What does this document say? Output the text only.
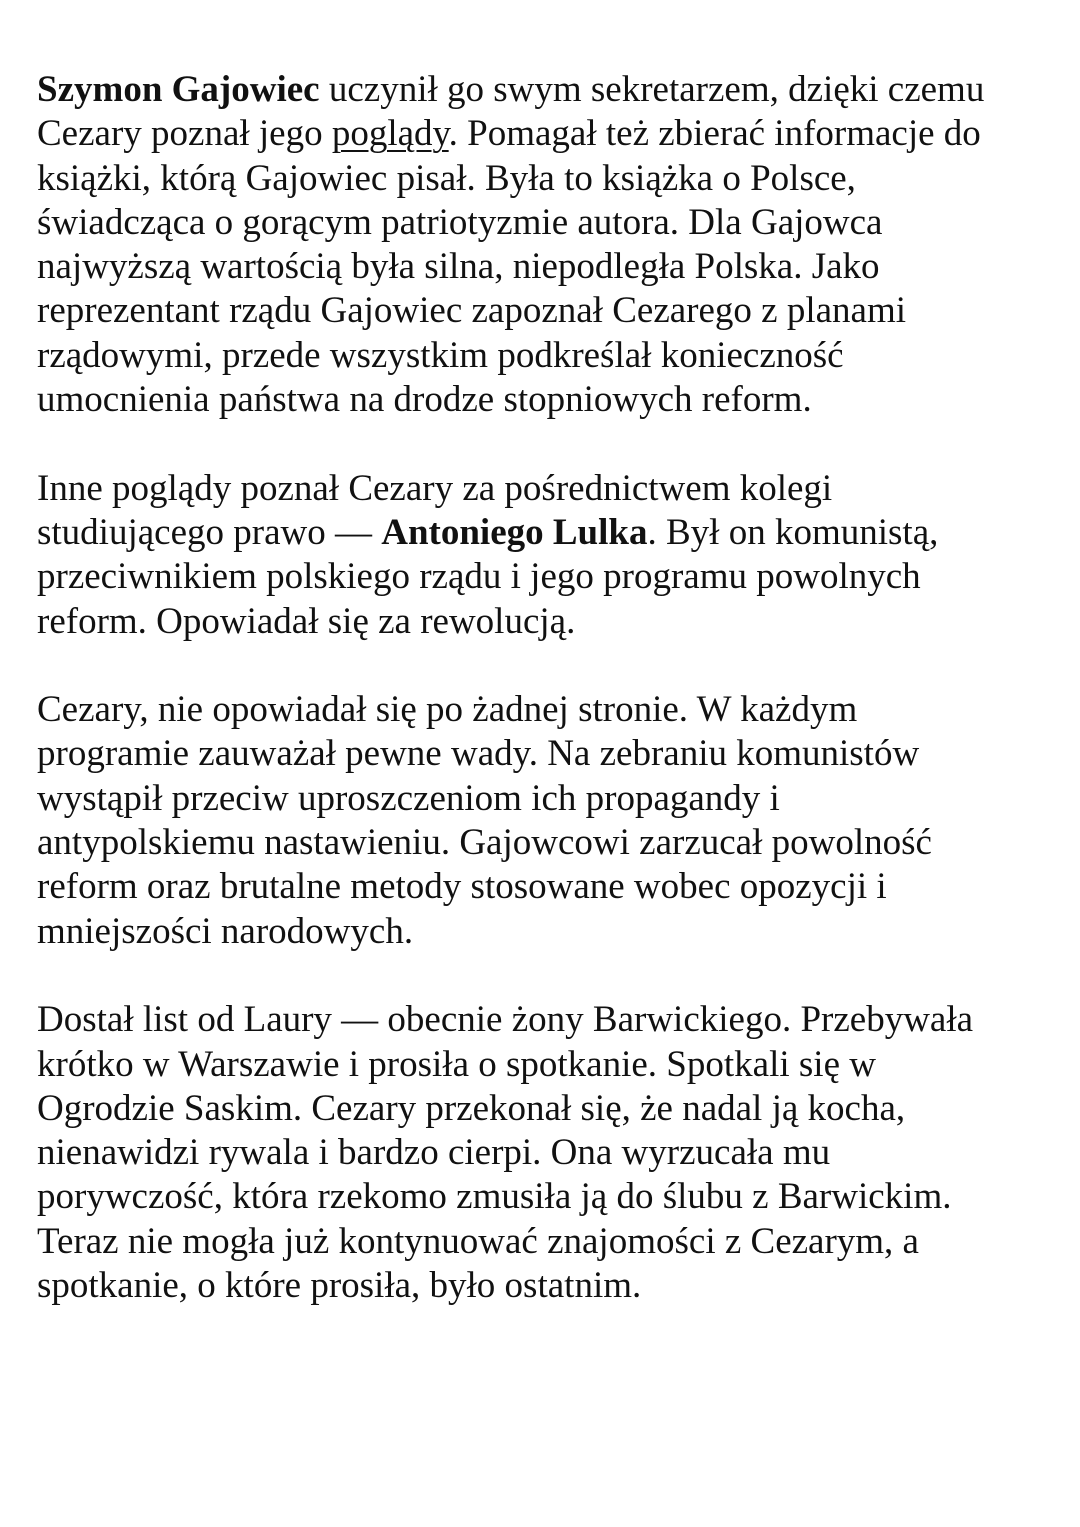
Szymon Gajowiec uczynił go swym sekretarzem, dzięki czemu
Cezary poznał jego poglądy. Pomagał też zbierać informacje do
książki, którą Gajowiec pisał. Była to książka o Polsce,
świadcząca o gorącym patriotyzmie autora. Dla Gajowca
najwyższą wartością była silna, niepodległa Polska. Jako
reprezentant rządu Gajowiec zapoznał Cezarego z planami
rządowymi, przede wszystkim podkreślał konieczność
umocnienia państwa na drodze stopniowych reform.

Inne poglądy poznał Cezary za pośrednictwem kolegi
studiującego prawo — Antoniego Lulka. Był on komunistą,
przeciwnikiem polskiego rządu i jego programu powolnych
reform. Opowiadał się za rewolucją.

Cezary, nie opowiadał się po żadnej stronie. W każdym
programie zauważał pewne wady. Na zebraniu komunistów
wystąpił przeciw uproszczeniom ich propagandy i
antypolskiemu nastawieniu. Gajowcowi zarzucał powolność
reform oraz brutalne metody stosowane wobec opozycji i
mniejszości narodowych.

Dostał list od Laury — obecnie żony Barwickiego. Przebywała
krótko w Warszawie i prosiła o spotkanie. Spotkali się w
Ogrodzie Saskim. Cezary przekonał się, że nadal ją kocha,
nienawidzi rywala i bardzo cierpi. Ona wyrzucała mu
porywczość, która rzekomo zmusiła ją do ślubu z Barwickim.
Teraz nie mogła już kontynuować znajomości z Cezarym, a
spotkanie, o które prosiła, było ostatnim.
